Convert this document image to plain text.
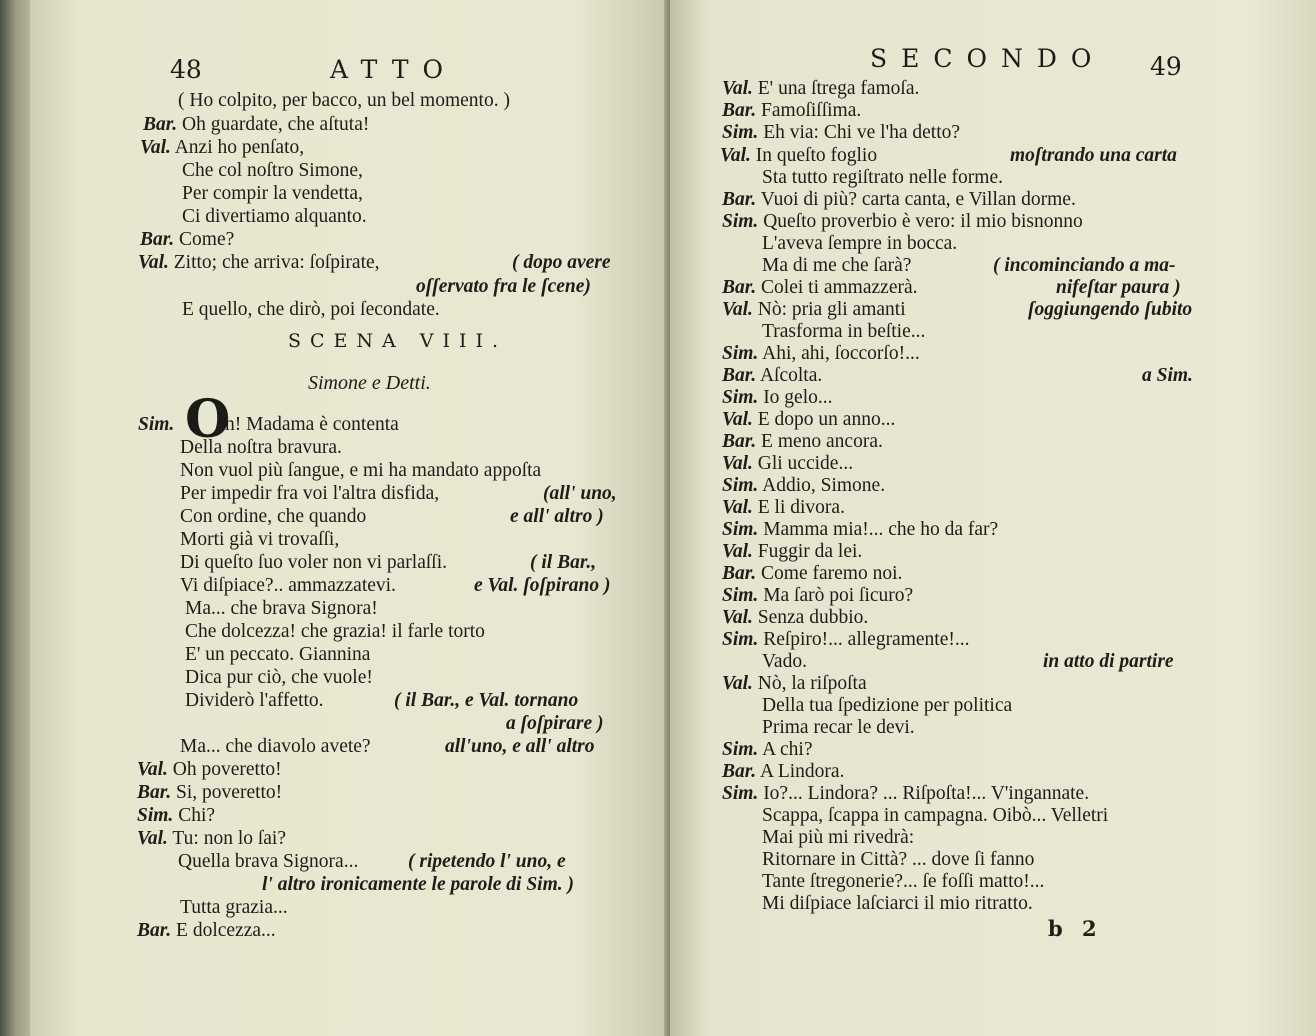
48	ATTO
( Ho colpito, per bacco, un bel momento. )
Bar. Oh guardate, che aſtuta!
Val. Anzi ho penſato,
Che col noſtro Simone,
Per compir la vendetta,
Ci divertiamo alquanto.
Bar. Come?
Val. Zitto; che arriva: ſoſpirate,	( dopo avere
oſſervato fra le ſcene)
E quello, che dirò, poi ſecondate.
SCENA VIII.
Simone e Detti.
Sim. O
h! Madama è contenta
Della noſtra bravura.
Non vuol più ſangue, e mi ha mandato appoſta
Per impedir fra voi l'altra disfida,	(all' uno,
Con ordine, che quando	e all' altro )
Morti già vi trovaſſi,
Di queſto ſuo voler non vi parlaſſi.	( il Bar.,
Vi diſpiace?.. ammazzatevi.	e Val. ſoſpirano )
Ma... che brava Signora!
Che dolcezza! che grazia! il farle torto
E' un peccato. Giannina
Dica pur ciò, che vuole!
Dividerò l'affetto.	( il Bar., e Val. tornano
a ſoſpirare )
Ma... che diavolo avete?	all'uno, e all' altro
Val. Oh poveretto!
Bar. Si, poveretto!
Sim. Chi?
Val. Tu: non lo ſai?
Quella brava Signora...	( ripetendo l' uno, e
l' altro ironicamente le parole di Sim. )
Tutta grazia...
Bar. E dolcezza...
SECONDO 49
Val. E' una ſtrega famoſa.
Bar. Famoſiſſima.
Sim. Eh via: Chi ve l'ha detto?
Val. In queſto foglio	moſtrando una carta
Sta tutto regiſtrato nelle forme.
Bar. Vuoi di più? carta canta, e Villan dorme.
Sim. Queſto proverbio è vero: il mio bisnonno
L'aveva ſempre in bocca.
Ma di me che ſarà?	( incominciando a ma-
Bar. Colei ti ammazzerà.	nifeſtar paura )
Val. Nò: pria gli amanti	ſoggiungendo ſubito
Trasforma in beſtie...
Sim. Ahi, ahi, ſoccorſo!...
Bar. Aſcolta.	a Sim.
Sim. Io gelo...
Val. E dopo un anno...
Bar. E meno ancora.
Val. Gli uccide...
Sim. Addio, Simone.
Val. E li divora.
Sim. Mamma mia!... che ho da far?
Val. Fuggir da lei.
Bar. Come faremo noi.
Sim. Ma ſarò poi ſicuro?
Val. Senza dubbio.
Sim. Reſpiro!... allegramente!...
Vado.	in atto di partire
Val. Nò, la riſpoſta
Della tua ſpedizione per politica
Prima recar le devi.
Sim. A chi?
Bar. A Lindora.
Sim. Io?... Lindora? ... Riſpoſta!... V'ingannate.
Scappa, ſcappa in campagna. Oibò... Velletri
Mai più mi rivedrà:
Ritornare in Città? ... dove ſi fanno
Tante ſtregonerie?... ſe foſſi matto!...
Mi diſpiace laſciarci il mio ritratto.
b 2
